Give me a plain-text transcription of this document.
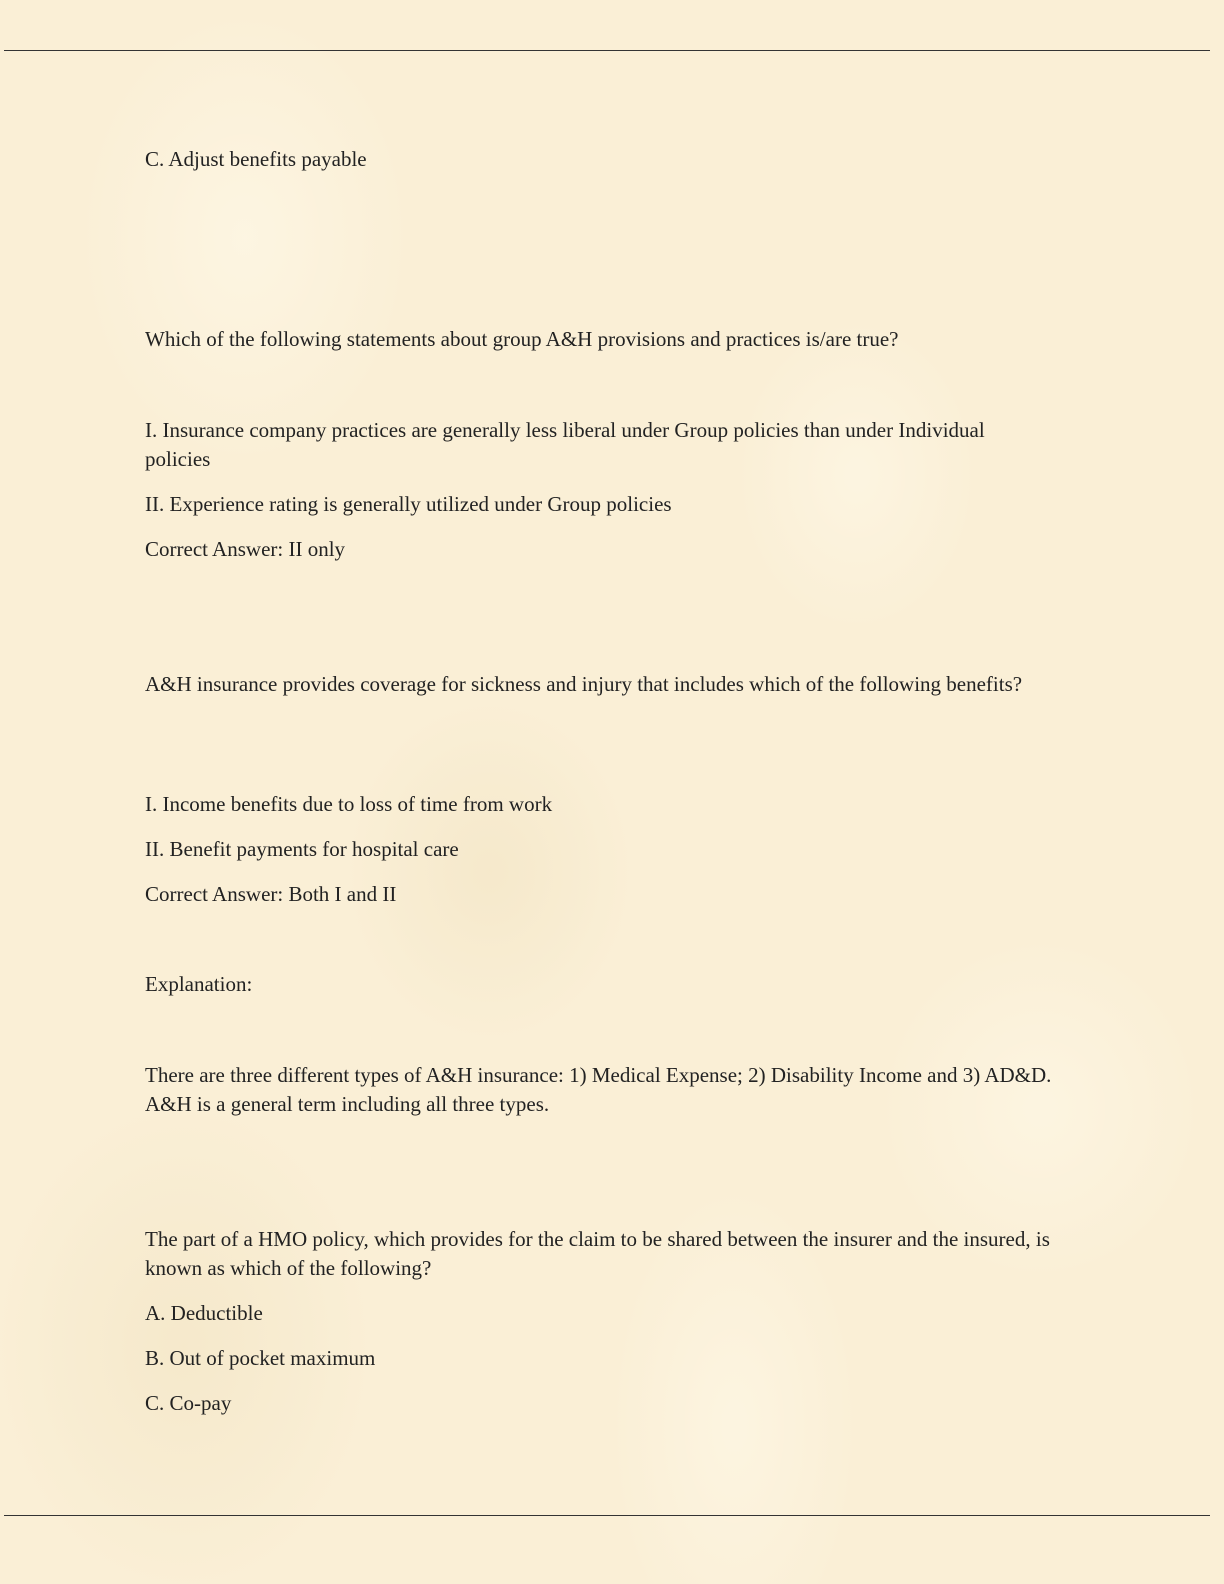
C. Adjust benefits payable

Which of the following statements about group A&H provisions and practices is/are true?

I. Insurance company practices are generally less liberal under Group policies than under Individual policies

II. Experience rating is generally utilized under Group policies

Correct Answer: II only

A&H insurance provides coverage for sickness and injury that includes which of the following benefits?

I. Income benefits due to loss of time from work

II. Benefit payments for hospital care

Correct Answer: Both I and II

Explanation:

There are three different types of A&H insurance: 1) Medical Expense; 2) Disability Income and 3) AD&D. A&H is a general term including all three types.

The part of a HMO policy, which provides for the claim to be shared between the insurer and the insured, is known as which of the following?

A. Deductible

B. Out of pocket maximum

C. Co-pay
